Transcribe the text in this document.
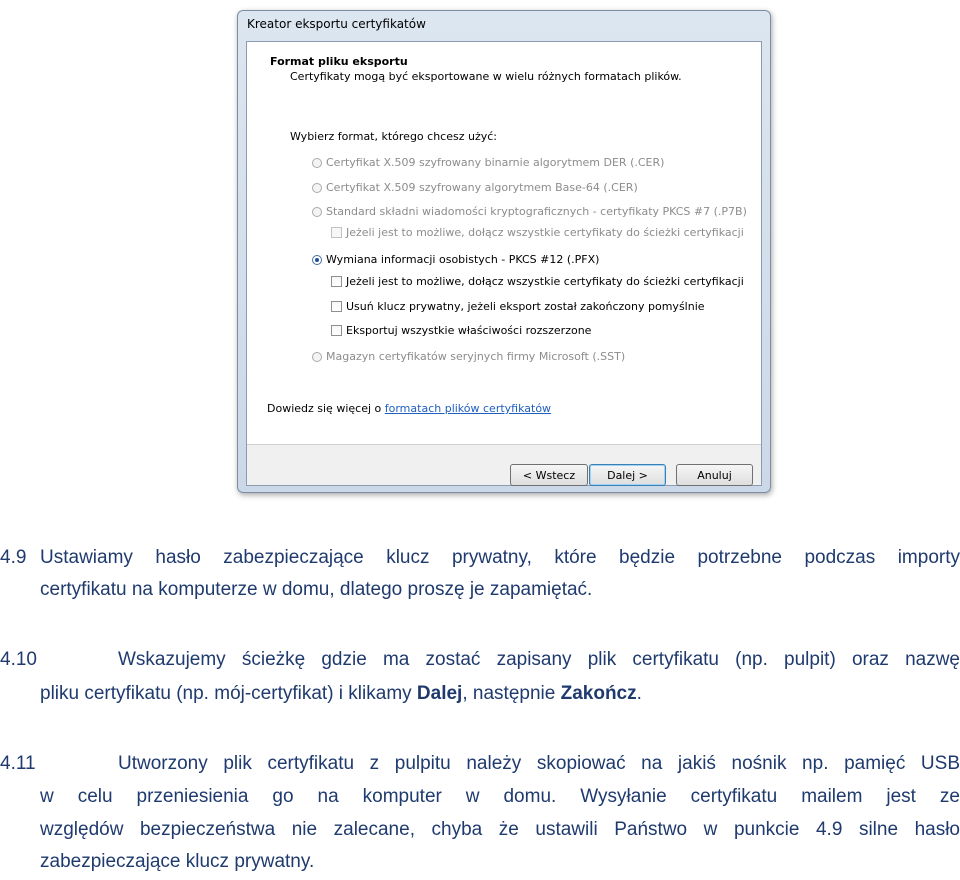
Kreator eksportu certyfikatów
Format pliku eksportu
Certyfikaty mogą być eksportowane w wielu różnych formatach plików.
Wybierz format, którego chcesz użyć:
Certyfikat X.509 szyfrowany binarnie algorytmem DER (.CER)
Certyfikat X.509 szyfrowany algorytmem Base-64 (.CER)
Standard składni wiadomości kryptograficznych - certyfikaty PKCS #7 (.P7B)
Jeżeli jest to możliwe, dołącz wszystkie certyfikaty do ścieżki certyfikacji
Wymiana informacji osobistych - PKCS #12 (.PFX)
Jeżeli jest to możliwe, dołącz wszystkie certyfikaty do ścieżki certyfikacji
Usuń klucz prywatny, jeżeli eksport został zakończony pomyślnie
Eksportuj wszystkie właściwości rozszerzone
Magazyn certyfikatów seryjnych firmy Microsoft (.SST)
Dowiedz się więcej o formatach plików certyfikatów
< Wstecz	Dalej >	Anuluj
4.9 Ustawiamy hasło zabezpieczające klucz prywatny, które będzie potrzebne podczas importy
certyfikatu na komputerze w domu, dlatego proszę je zapamiętać.
4.10	Wskazujemy ścieżkę gdzie ma zostać zapisany plik certyfikatu (np. pulpit) oraz nazwę
pliku certyfikatu (np. mój-certyfikat) i klikamy Dalej, następnie Zakończ.
4.11	Utworzony plik certyfikatu z pulpitu należy skopiować na jakiś nośnik np. pamięć USB
w celu przeniesienia go na komputer w domu. Wysyłanie certyfikatu mailem jest ze
względów bezpieczeństwa nie zalecane, chyba że ustawili Państwo w punkcie 4.9 silne hasło
zabezpieczające klucz prywatny.
